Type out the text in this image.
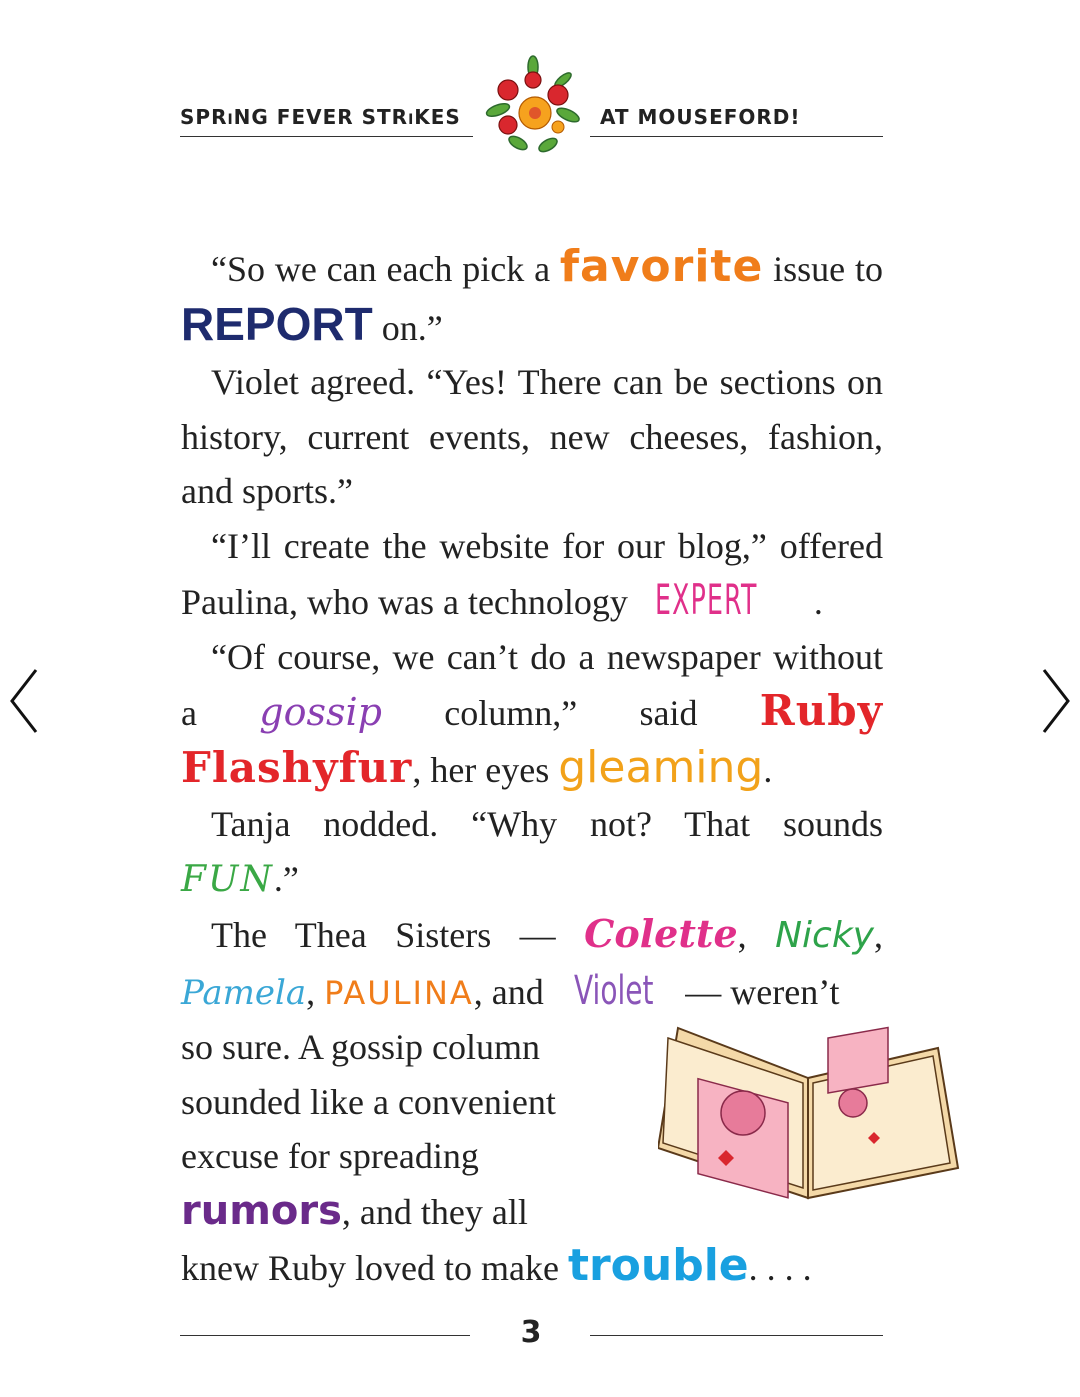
SPRiNG FEVER STRiKES	AT MOUSEFORD!

“So we can each pick a favorite issue to REPORT on.”

Violet agreed. “Yes! There can be sections on history, current events, new cheeses, fashion, and sports.”

“I’ll create the website for our blog,” offered Paulina, who was a technology EXPERT .

“Of course, we can’t do a newspaper without a gossip column,” said Ruby Flashyfur, her eyes gleaming.

Tanja nodded. “Why not? That sounds FUN.”

The Thea Sisters — Colette, Nicky, Pamela, PAULINA, and Violet — weren’t

so sure. A gossip column sounded like a convenient excuse for spreading rumors, and they all

knew Ruby loved to make trouble. . . .

3
